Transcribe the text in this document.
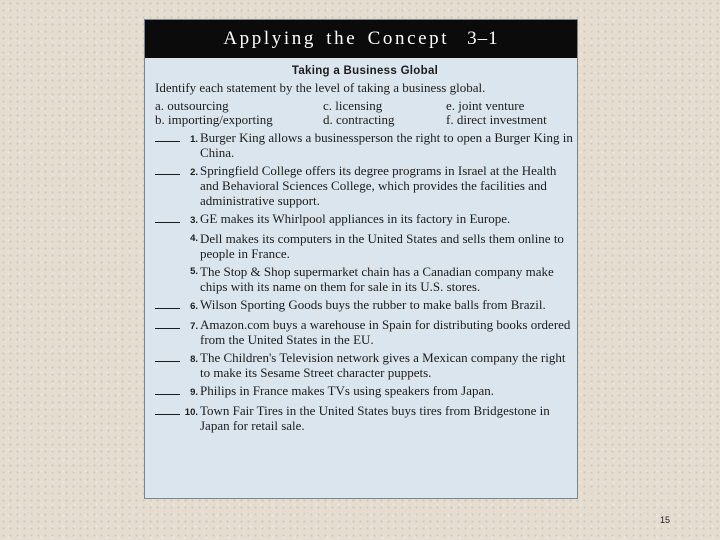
Applying the Concept 3–1
Taking a Business Global
Identify each statement by the level of taking a business global.
a. outsourcing	c. licensing	e. joint venture
b. importing/exporting	d. contracting	f. direct investment
1. Burger King allows a businessperson the right to open a Burger King in China.
2. Springfield College offers its degree programs in Israel at the Health and Behavioral Sciences College, which provides the facilities and administrative support.
3. GE makes its Whirlpool appliances in its factory in Europe.
4. Dell makes its computers in the United States and sells them online to people in France.
5. The Stop & Shop supermarket chain has a Canadian company make chips with its name on them for sale in its U.S. stores.
6. Wilson Sporting Goods buys the rubber to make balls from Brazil.
7. Amazon.com buys a warehouse in Spain for distributing books ordered from the United States in the EU.
8. The Children's Television network gives a Mexican company the right to make its Sesame Street character puppets.
9. Philips in France makes TVs using speakers from Japan.
10. Town Fair Tires in the United States buys tires from Bridgestone in Japan for retail sale.
15
